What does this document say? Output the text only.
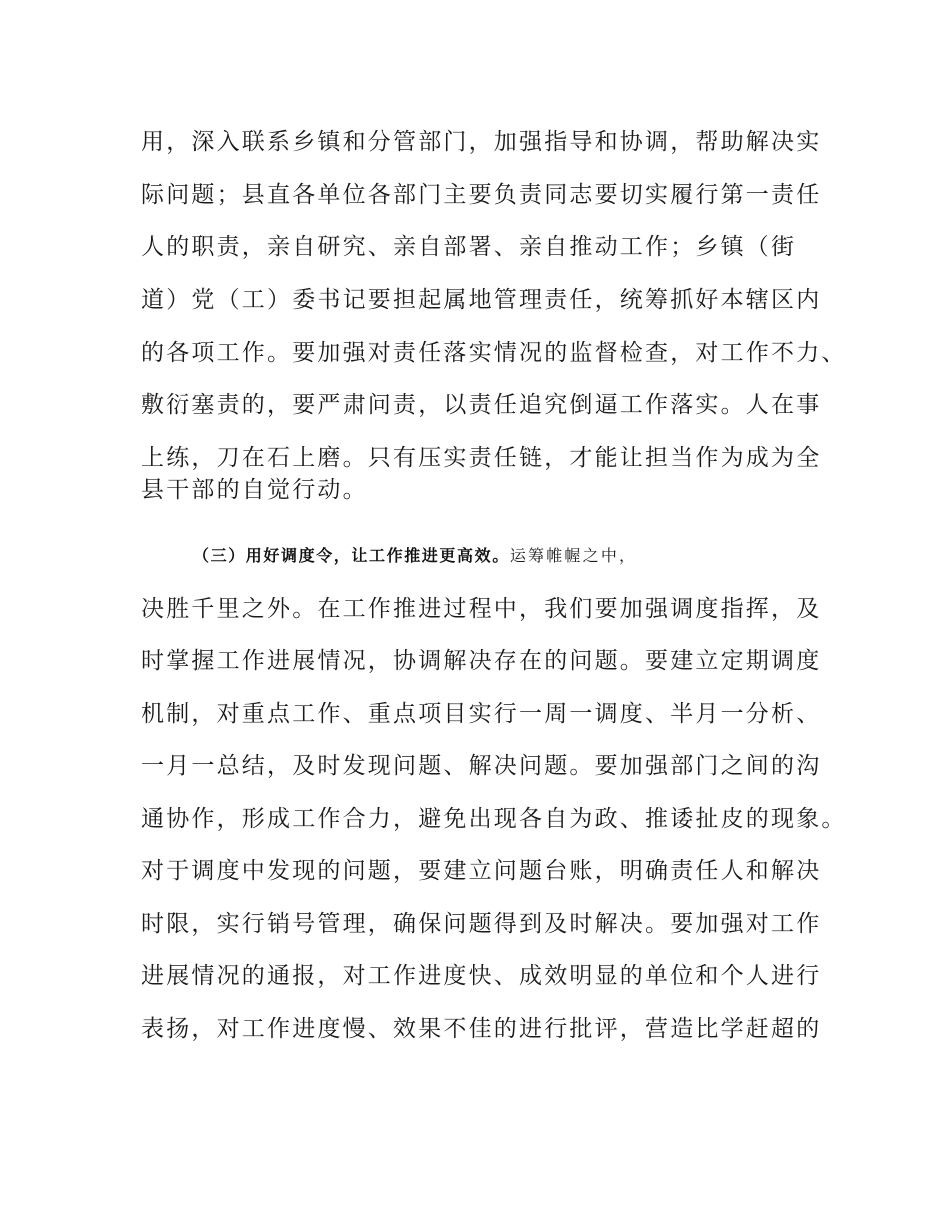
用，深入联系乡镇和分管部门，加强指导和协调，帮助解决实
际问题；县直各单位各部门主要负责同志要切实履行第一责任
人的职责，亲自研究、亲自部署、亲自推动工作；乡镇（街
道）党（工）委书记要担起属地管理责任，统筹抓好本辖区内
的各项工作。要加强对责任落实情况的监督检查，对工作不力、
敷衍塞责的，要严肃问责，以责任追究倒逼工作落实。人在事
上练，刀在石上磨。只有压实责任链，才能让担当作为成为全
县干部的自觉行动。
（三）用好调度令，让工作推进更高效。运筹帷幄之中，
决胜千里之外。在工作推进过程中，我们要加强调度指挥，及
时掌握工作进展情况，协调解决存在的问题。要建立定期调度
机制，对重点工作、重点项目实行一周一调度、半月一分析、
一月一总结，及时发现问题、解决问题。要加强部门之间的沟
通协作，形成工作合力，避免出现各自为政、推诿扯皮的现象。
对于调度中发现的问题，要建立问题台账，明确责任人和解决
时限，实行销号管理，确保问题得到及时解决。要加强对工作
进展情况的通报，对工作进度快、成效明显的单位和个人进行
表扬，对工作进度慢、效果不佳的进行批评，营造比学赶超的
